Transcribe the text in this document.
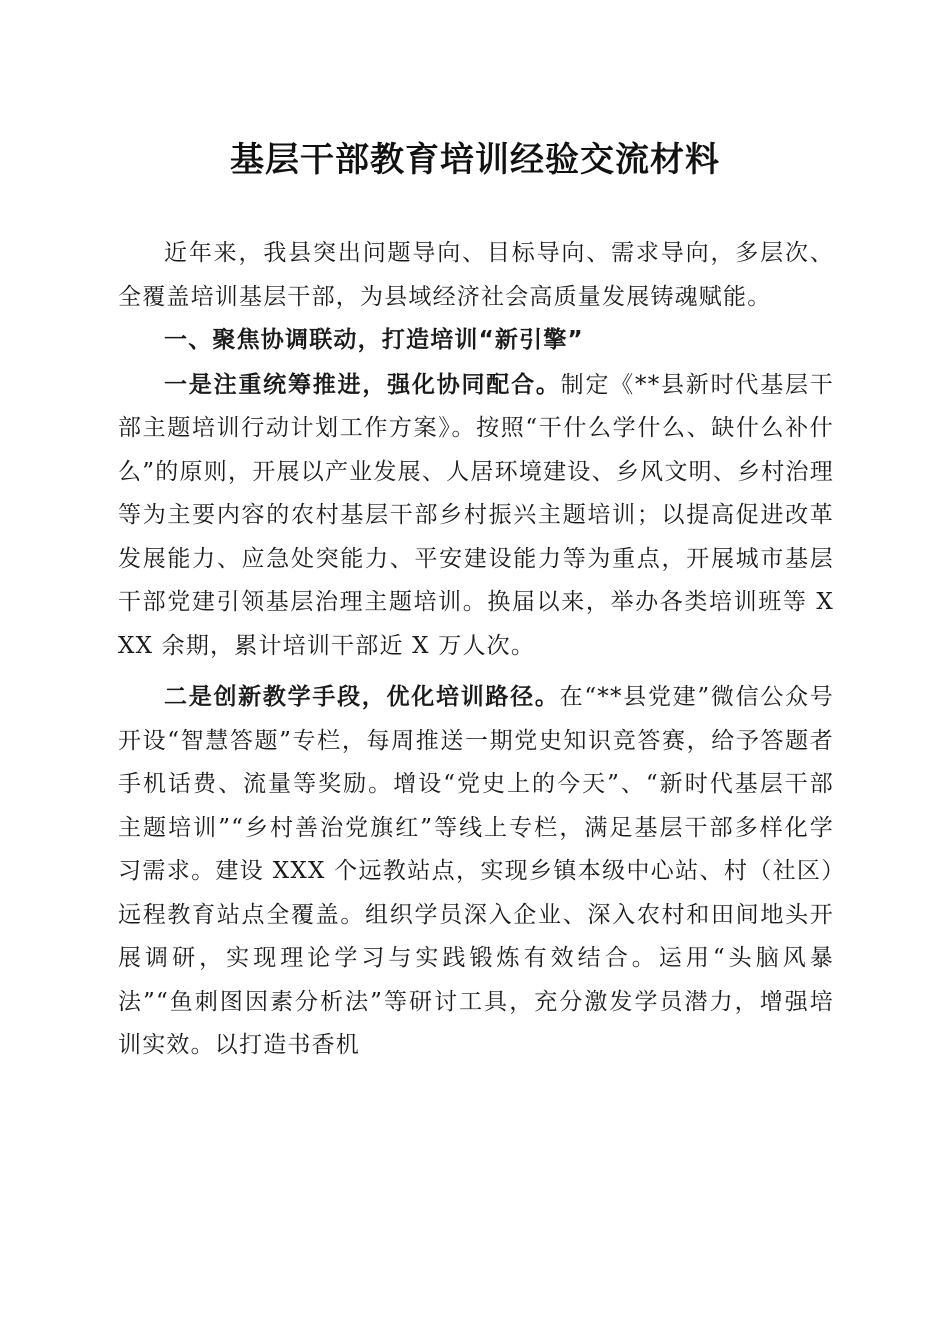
基层干部教育培训经验交流材料

近年来，我县突出问题导向、目标导向、需求导向，多层次、全覆盖培训基层干部，为县域经济社会高质量发展铸魂赋能。

一、聚焦协调联动，打造培训“新引擎”

一是注重统筹推进，强化协同配合。制定《**县新时代基层干部主题培训行动计划工作方案》。按照“干什么学什么、缺什么补什么”的原则，开展以产业发展、人居环境建设、乡风文明、乡村治理等为主要内容的农村基层干部乡村振兴主题培训；以提高促进改革发展能力、应急处突能力、平安建设能力等为重点，开展城市基层干部党建引领基层治理主题培训。换届以来，举办各类培训班等 XXX 余期，累计培训干部近 X 万人次。

二是创新教学手段，优化培训路径。在“**县党建”微信公众号开设“智慧答题”专栏，每周推送一期党史知识竞答赛，给予答题者手机话费、流量等奖励。增设“党史上的今天”、“新时代基层干部主题培训”“乡村善治党旗红”等线上专栏，满足基层干部多样化学习需求。建设 XXX 个远教站点，实现乡镇本级中心站、村（社区）远程教育站点全覆盖。组织学员深入企业、深入农村和田间地头开展调研，实现理论学习与实践锻炼有效结合。运用“头脑风暴法”“鱼刺图因素分析法”等研讨工具，充分激发学员潜力，增强培训实效。以打造书香机
